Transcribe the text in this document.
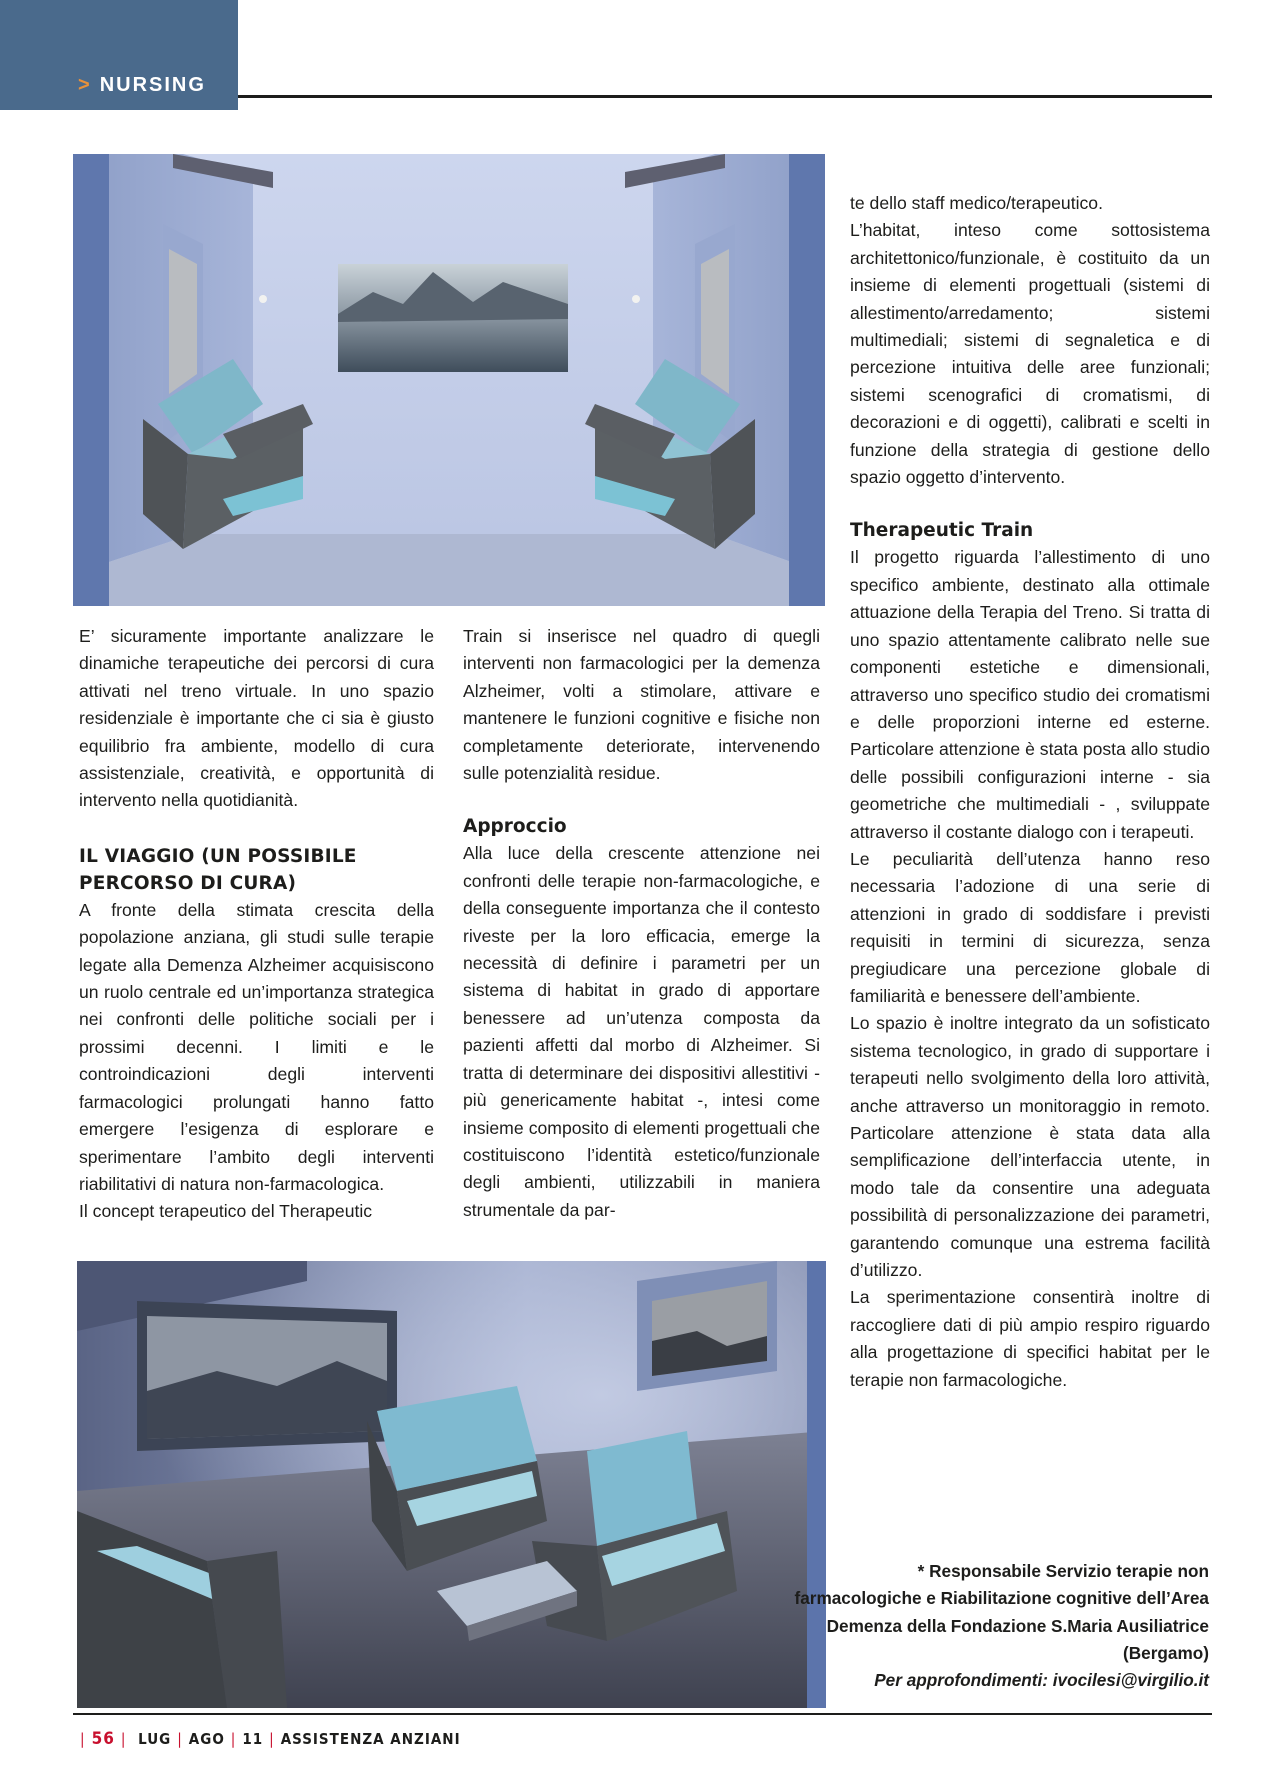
> NURSING

E’ sicuramente importante analizzare le dinamiche terapeutiche dei percorsi di cura attivati nel treno virtuale. In uno spazio residenziale è importante che ci sia è giusto equilibrio fra ambiente, modello di cura assistenziale, creatività, e opportunità di intervento nella quotidianità.

IL VIAGGIO (UN POSSIBILE PERCORSO DI CURA)

A fronte della stimata crescita della popolazione anziana, gli studi sulle terapie legate alla Demenza Alzheimer acquisiscono un ruolo centrale ed un’importanza strategica nei confronti delle politiche sociali per i prossimi decenni. I limiti e le controindicazioni degli interventi farmacologici prolungati hanno fatto emergere l’esigenza di esplorare e sperimentare l’ambito degli interventi riabilitativi di natura non-farmacologica.

Il concept terapeutico del Therapeutic

Train si inserisce nel quadro di quegli interventi non farmacologici per la demenza Alzheimer, volti a stimolare, attivare e mantenere le funzioni cognitive e fisiche non completamente deteriorate, intervenendo sulle potenzialità residue.

Approccio

Alla luce della crescente attenzione nei confronti delle terapie non-farmacologiche, e della conseguente importanza che il contesto riveste per la loro efficacia, emerge la necessità di definire i parametri per un sistema di habitat in grado di apportare benessere ad un’utenza composta da pazienti affetti dal morbo di Alzheimer. Si tratta di determinare dei dispositivi allestitivi - più genericamente habitat -, intesi come insieme composito di elementi progettuali che costituiscono l’identità estetico/funzionale degli ambienti, utilizzabili in maniera strumentale da par-

te dello staff medico/terapeutico.

L’habitat, inteso come sottosistema architettonico/funzionale, è costituito da un insieme di elementi progettuali (sistemi di allestimento/arredamento; sistemi multimediali; sistemi di segnaletica e di percezione intuitiva delle aree funzionali; sistemi scenografici di cromatismi, di decorazioni e di oggetti), calibrati e scelti in funzione della strategia di gestione dello spazio oggetto d’intervento.

Therapeutic Train

Il progetto riguarda l’allestimento di uno specifico ambiente, destinato alla ottimale attuazione della Terapia del Treno. Si tratta di uno spazio attentamente calibrato nelle sue componenti estetiche e dimensionali, attraverso uno specifico studio dei cromatismi e delle proporzioni interne ed esterne. Particolare attenzione è stata posta allo studio delle possibili configurazioni interne - sia geometriche che multimediali - , sviluppate attraverso il costante dialogo con i terapeuti.

Le peculiarità dell’utenza hanno reso necessaria l’adozione di una serie di attenzioni in grado di soddisfare i previsti requisiti in termini di sicurezza, senza pregiudicare una percezione globale di familiarità e benessere dell’ambiente.

Lo spazio è inoltre integrato da un sofisticato sistema tecnologico, in grado di supportare i terapeuti nello svolgimento della loro attività, anche attraverso un monitoraggio in remoto. Particolare attenzione è stata data alla semplificazione dell’interfaccia utente, in modo tale da consentire una adeguata possibilità di personalizzazione dei parametri, garantendo comunque una estrema facilità d’utilizzo.

La sperimentazione consentirà inoltre di raccogliere dati di più ampio respiro riguardo alla progettazione di specifici habitat per le terapie non farmacologiche.

* Responsabile Servizio terapie non farmacologiche e Riabilitazione cognitive dell’Area Demenza della Fondazione S.Maria Ausiliatrice (Bergamo)
Per approfondimenti: ivocilesi@virgilio.it
| 56 | LUG | AGO | 11 | ASSISTENZA ANZIANI
